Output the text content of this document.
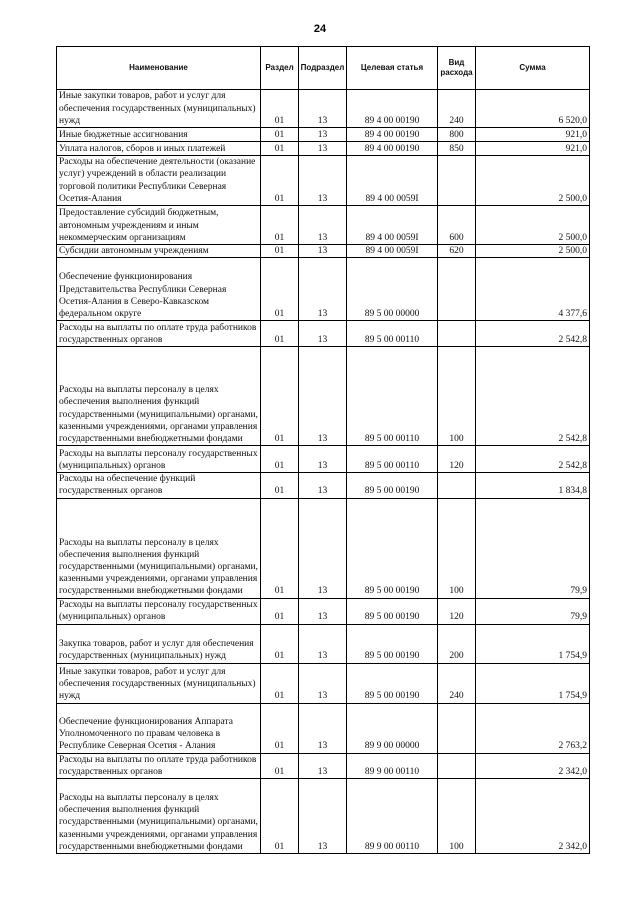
24
Наименование	Раздел	Подраздел	Целевая статья	Вид расхода	Сумма
Иные закупки товаров, работ и услуг для обеспечения государственных (муниципальных) нужд	01	13	89 4 00 00190	240	6 520,0
Иные бюджетные ассигнования	01	13	89 4 00 00190	800	921,0
Уплата налогов, сборов и иных платежей	01	13	89 4 00 00190	850	921,0
Расходы на обеспечение деятельности (оказание услуг) учреждений в области реализации торговой политики Республики Северная Осетия-Алания	01	13	89 4 00 0059I		2 500,0
Предоставление субсидий бюджетным, автономным учреждениям и иным некоммерческим организациям	01	13	89 4 00 0059I	600	2 500,0
Субсидии автономным учреждениям	01	13	89 4 00 0059I	620	2 500,0
Обеспечение функционирования Представительства Республики Северная Осетия-Алания в Северо-Кавказском федеральном округе	01	13	89 5 00 00000		4 377,6
Расходы на выплаты по оплате труда работников государственных органов	01	13	89 5 00 00110		2 542,8
Расходы на выплаты персоналу в целях обеспечения выполнения функций государственными (муниципальными) органами, казенными учреждениями, органами управления государственными внебюджетными фондами	01	13	89 5 00 00110	100	2 542,8
Расходы на выплаты персоналу государственных (муниципальных) органов	01	13	89 5 00 00110	120	2 542,8
Расходы на обеспечение функций государственных органов	01	13	89 5 00 00190		1 834,8
Расходы на выплаты персоналу в целях обеспечения выполнения функций государственными (муниципальными) органами, казенными учреждениями, органами управления государственными внебюджетными фондами	01	13	89 5 00 00190	100	79,9
Расходы на выплаты персоналу государственных (муниципальных) органов	01	13	89 5 00 00190	120	79,9
Закупка товаров, работ и услуг для обеспечения государственных (муниципальных) нужд	01	13	89 5 00 00190	200	1 754,9
Иные закупки товаров, работ и услуг для обеспечения государственных (муниципальных) нужд	01	13	89 5 00 00190	240	1 754,9
Обеспечение функционирования Аппарата Уполномоченного по правам человека в Республике Северная Осетия - Алания	01	13	89 9 00 00000		2 763,2
Расходы на выплаты по оплате труда работников государственных органов	01	13	89 9 00 00110		2 342,0
Расходы на выплаты персоналу в целях обеспечения выполнения функций государственными (муниципальными) органами, казенными учреждениями, органами управления государственными внебюджетными фондами	01	13	89 9 00 00110	100	2 342,0
